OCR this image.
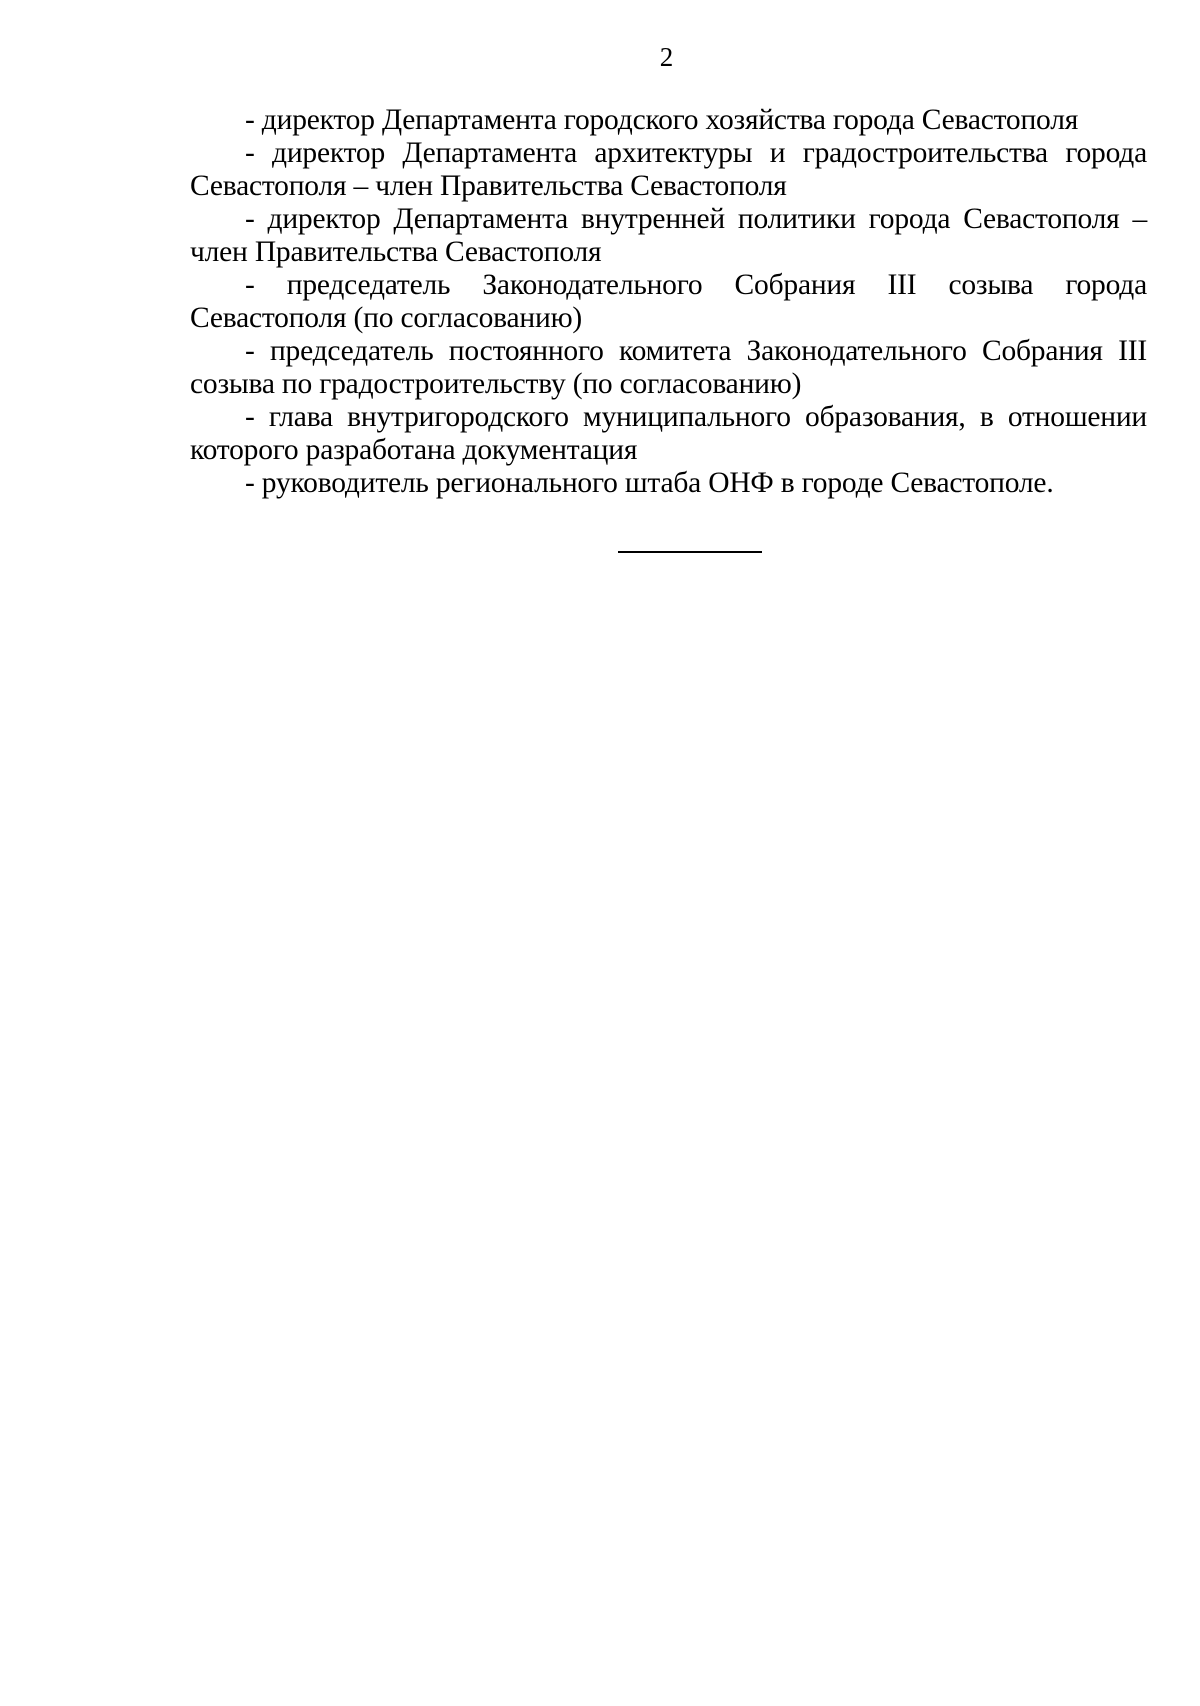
2

- директор Департамента городского хозяйства города Севастополя

- директор Департамента архитектуры и градостроительства города Севастополя – член Правительства Севастополя

- директор Департамента внутренней политики города Севастополя – член Правительства Севастополя

- председатель Законодательного Собрания III созыва города Севастополя (по согласованию)

- председатель постоянного комитета Законодательного Собрания III созыва по градостроительству (по согласованию)

- глава внутригородского муниципального образования, в отношении которого разработана документация

- руководитель регионального штаба ОНФ в городе Севастополе.
